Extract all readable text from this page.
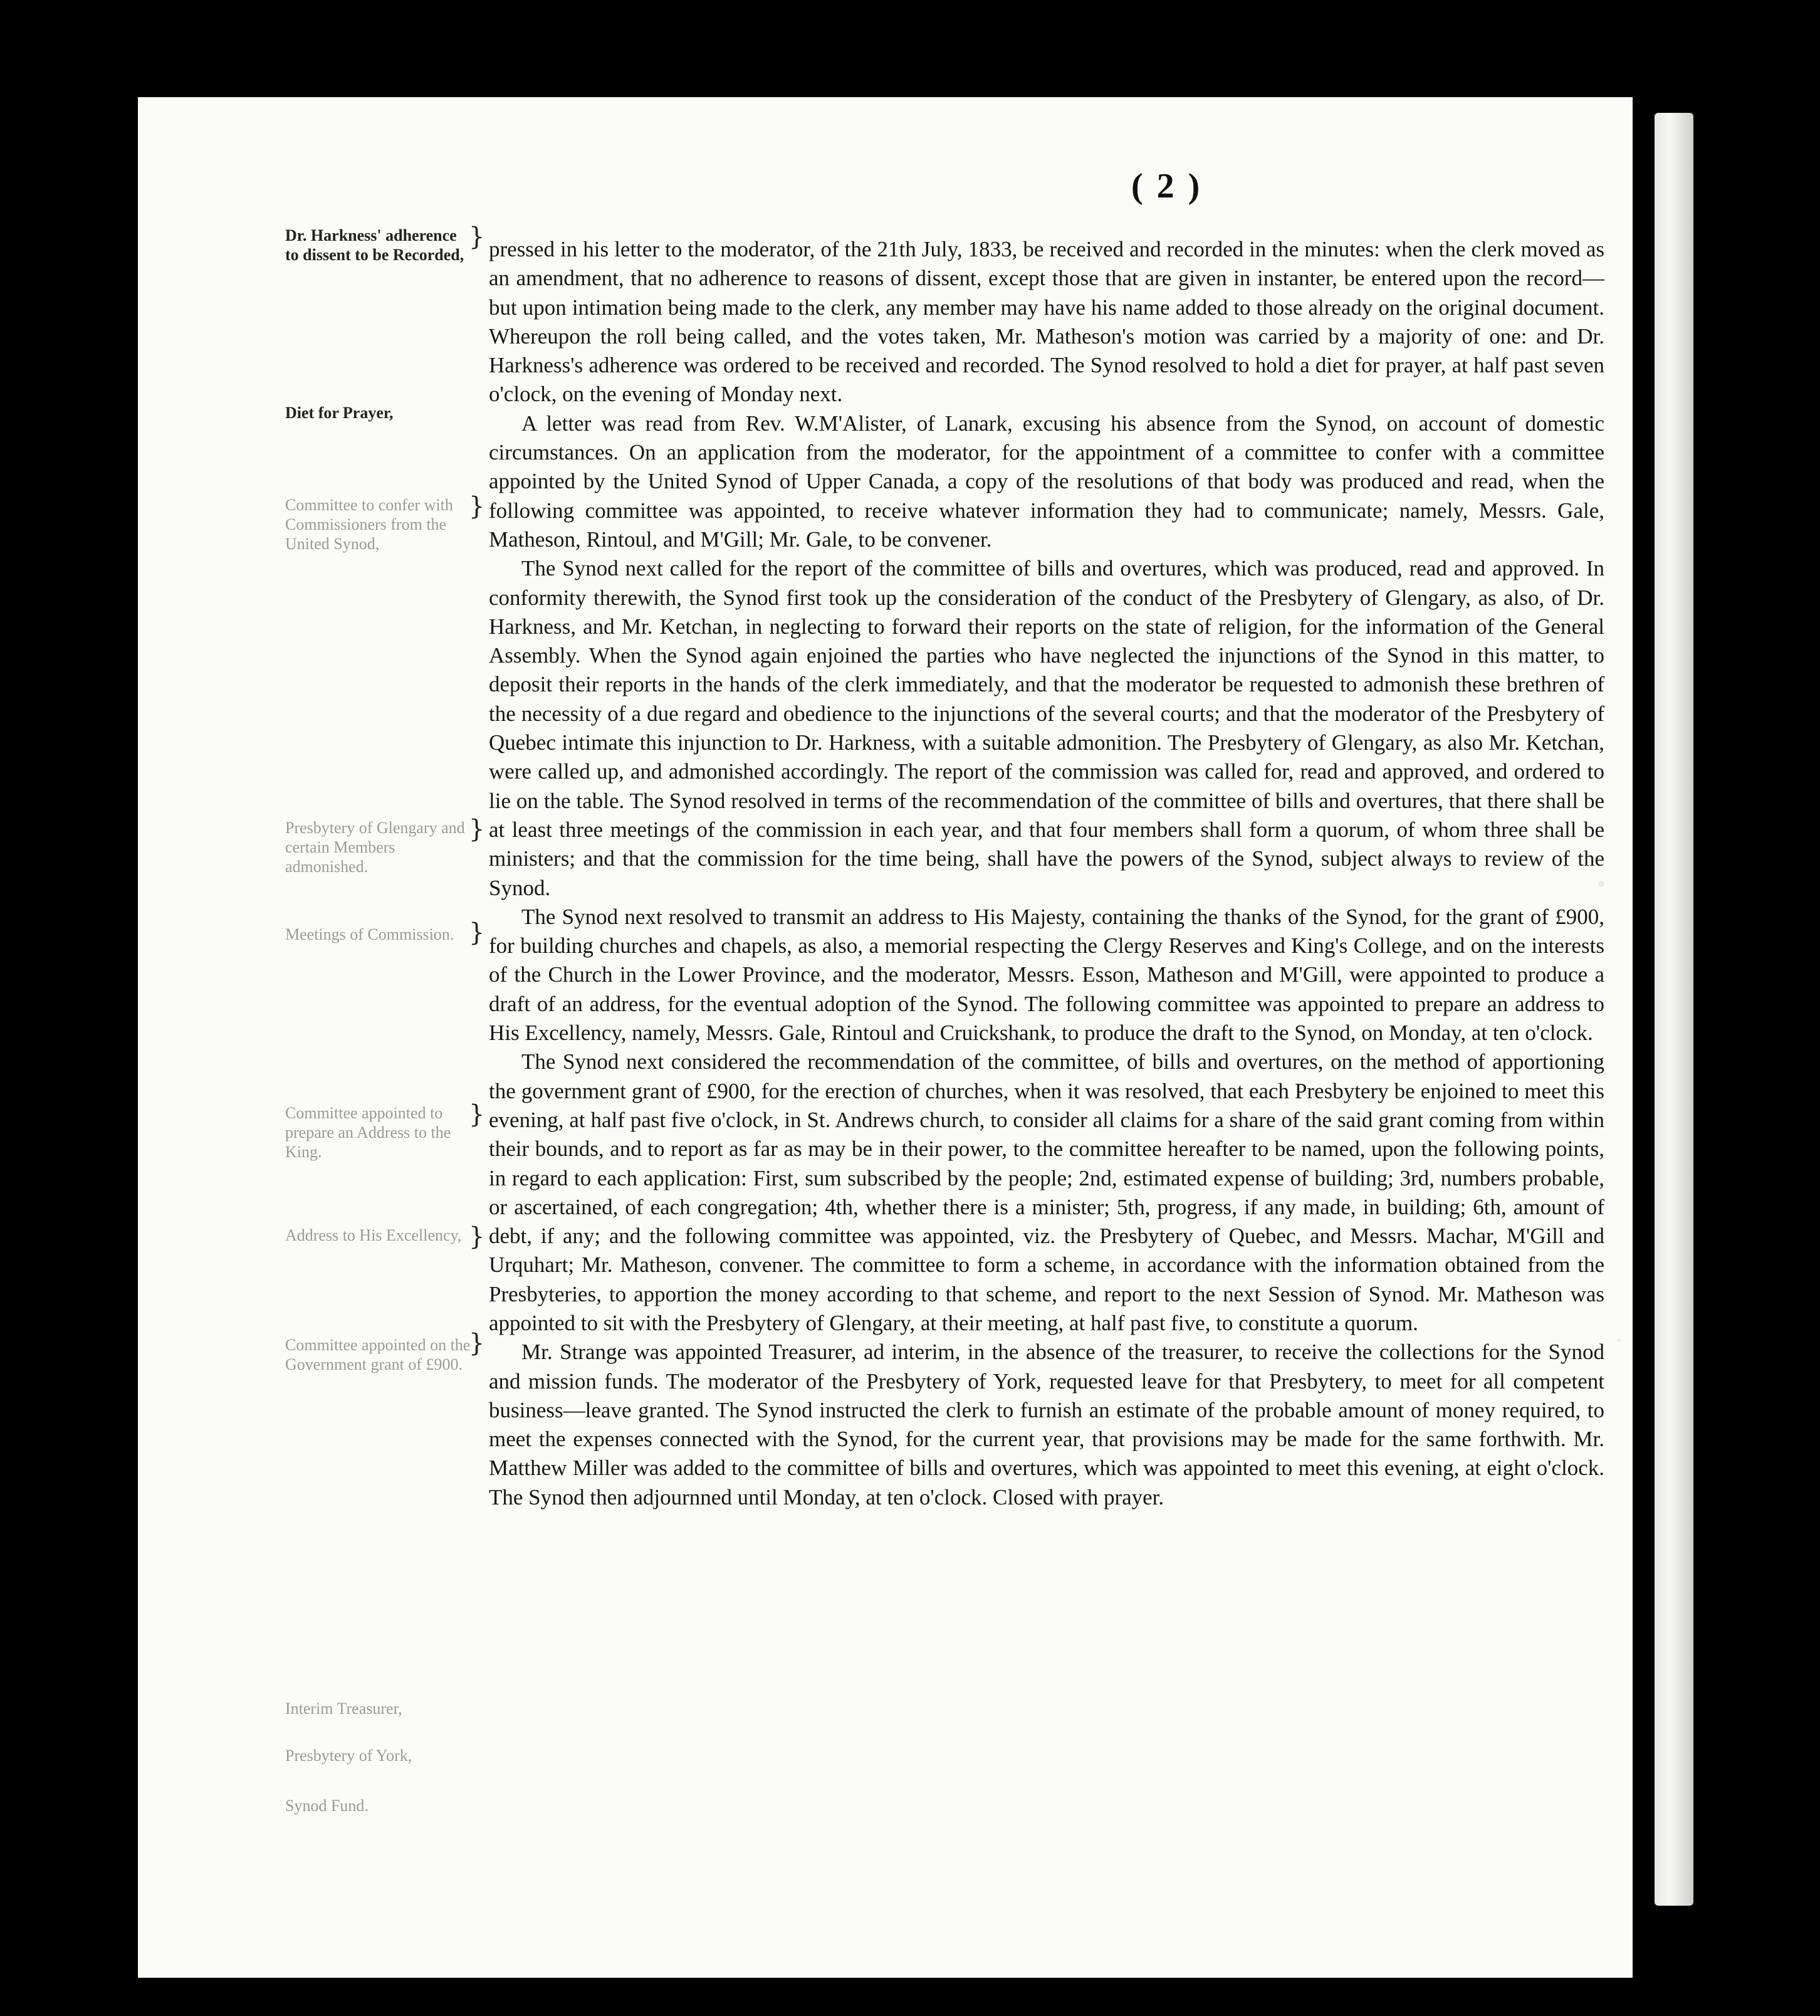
( 2 )
Dr. Harkness' adherence to dissent to be Recorded,
}
Diet for Prayer,
Committee to confer with Commissioners from the United Synod,
}
Presbytery of Glengary and certain Members admonished.
}
Meetings of Commission. }
Committee appointed to prepare an Address to the King.
}
Address to His Excellency, }
Committee appointed on the Government grant of £900.
}
Interim Treasurer,
Presbytery of York,
Synod Fund.

pressed in his letter to the moderator, of the 21th July, 1833, be received and recorded in the minutes: when the clerk moved as an amendment, that no adherence to reasons of dissent, except those that are given in instanter, be entered upon the record—but upon intimation being made to the clerk, any member may have his name added to those already on the original document. Whereupon the roll being called, and the votes taken, Mr. Matheson's motion was carried by a majority of one: and Dr. Harkness's adherence was ordered to be received and recorded. The Synod resolved to hold a diet for prayer, at half past seven o'clock, on the evening of Monday next.

A letter was read from Rev. W.M'Alister, of Lanark, excusing his absence from the Synod, on account of domestic circumstances. On an application from the moderator, for the appointment of a committee to confer with a committee appointed by the United Synod of Upper Canada, a copy of the resolutions of that body was produced and read, when the following committee was appointed, to receive whatever information they had to communicate; namely, Messrs. Gale, Matheson, Rintoul, and M'Gill; Mr. Gale, to be convener.

The Synod next called for the report of the committee of bills and overtures, which was produced, read and approved. In conformity therewith, the Synod first took up the consideration of the conduct of the Presbytery of Glengary, as also, of Dr. Harkness, and Mr. Ketchan, in neglecting to forward their reports on the state of religion, for the information of the General Assembly. When the Synod again enjoined the parties who have neglected the injunctions of the Synod in this matter, to deposit their reports in the hands of the clerk immediately, and that the moderator be requested to admonish these brethren of the necessity of a due regard and obedience to the injunctions of the several courts; and that the moderator of the Presbytery of Quebec intimate this injunction to Dr. Harkness, with a suitable admonition. The Presbytery of Glengary, as also Mr. Ketchan, were called up, and admonished accordingly. The report of the commission was called for, read and approved, and ordered to lie on the table. The Synod resolved in terms of the recommendation of the committee of bills and overtures, that there shall be at least three meetings of the commission in each year, and that four members shall form a quorum, of whom three shall be ministers; and that the commission for the time being, shall have the powers of the Synod, subject always to review of the Synod.

The Synod next resolved to transmit an address to His Majesty, containing the thanks of the Synod, for the grant of £900, for building churches and chapels, as also, a memorial respecting the Clergy Reserves and King's College, and on the interests of the Church in the Lower Province, and the moderator, Messrs. Esson, Matheson and M'Gill, were appointed to produce a draft of an address, for the eventual adoption of the Synod. The following committee was appointed to prepare an address to His Excellency, namely, Messrs. Gale, Rintoul and Cruickshank, to produce the draft to the Synod, on Monday, at ten o'clock.

The Synod next considered the recommendation of the committee, of bills and overtures, on the method of apportioning the government grant of £900, for the erection of churches, when it was resolved, that each Presbytery be enjoined to meet this evening, at half past five o'clock, in St. Andrews church, to consider all claims for a share of the said grant coming from within their bounds, and to report as far as may be in their power, to the committee hereafter to be named, upon the following points, in regard to each application: First, sum subscribed by the people; 2nd, estimated expense of building; 3rd, numbers probable, or ascertained, of each congregation; 4th, whether there is a minister; 5th, progress, if any made, in building; 6th, amount of debt, if any; and the following committee was appointed, viz. the Presbytery of Quebec, and Messrs. Machar, M'Gill and Urquhart; Mr. Matheson, convener. The committee to form a scheme, in accordance with the information obtained from the Presbyteries, to apportion the money according to that scheme, and report to the next Session of Synod. Mr. Matheson was appointed to sit with the Presbytery of Glengary, at their meeting, at half past five, to constitute a quorum.

Mr. Strange was appointed Treasurer, ad interim, in the absence of the treasurer, to receive the collections for the Synod and mission funds. The moderator of the Presbytery of York, requested leave for that Presbytery, to meet for all competent business—leave granted. The Synod instructed the clerk to furnish an estimate of the probable amount of money required, to meet the expenses connected with the Synod, for the current year, that provisions may be made for the same forthwith. Mr. Matthew Miller was added to the committee of bills and overtures, which was appointed to meet this evening, at eight o'clock. The Synod then adjournned until Monday, at ten o'clock. Closed with prayer.
